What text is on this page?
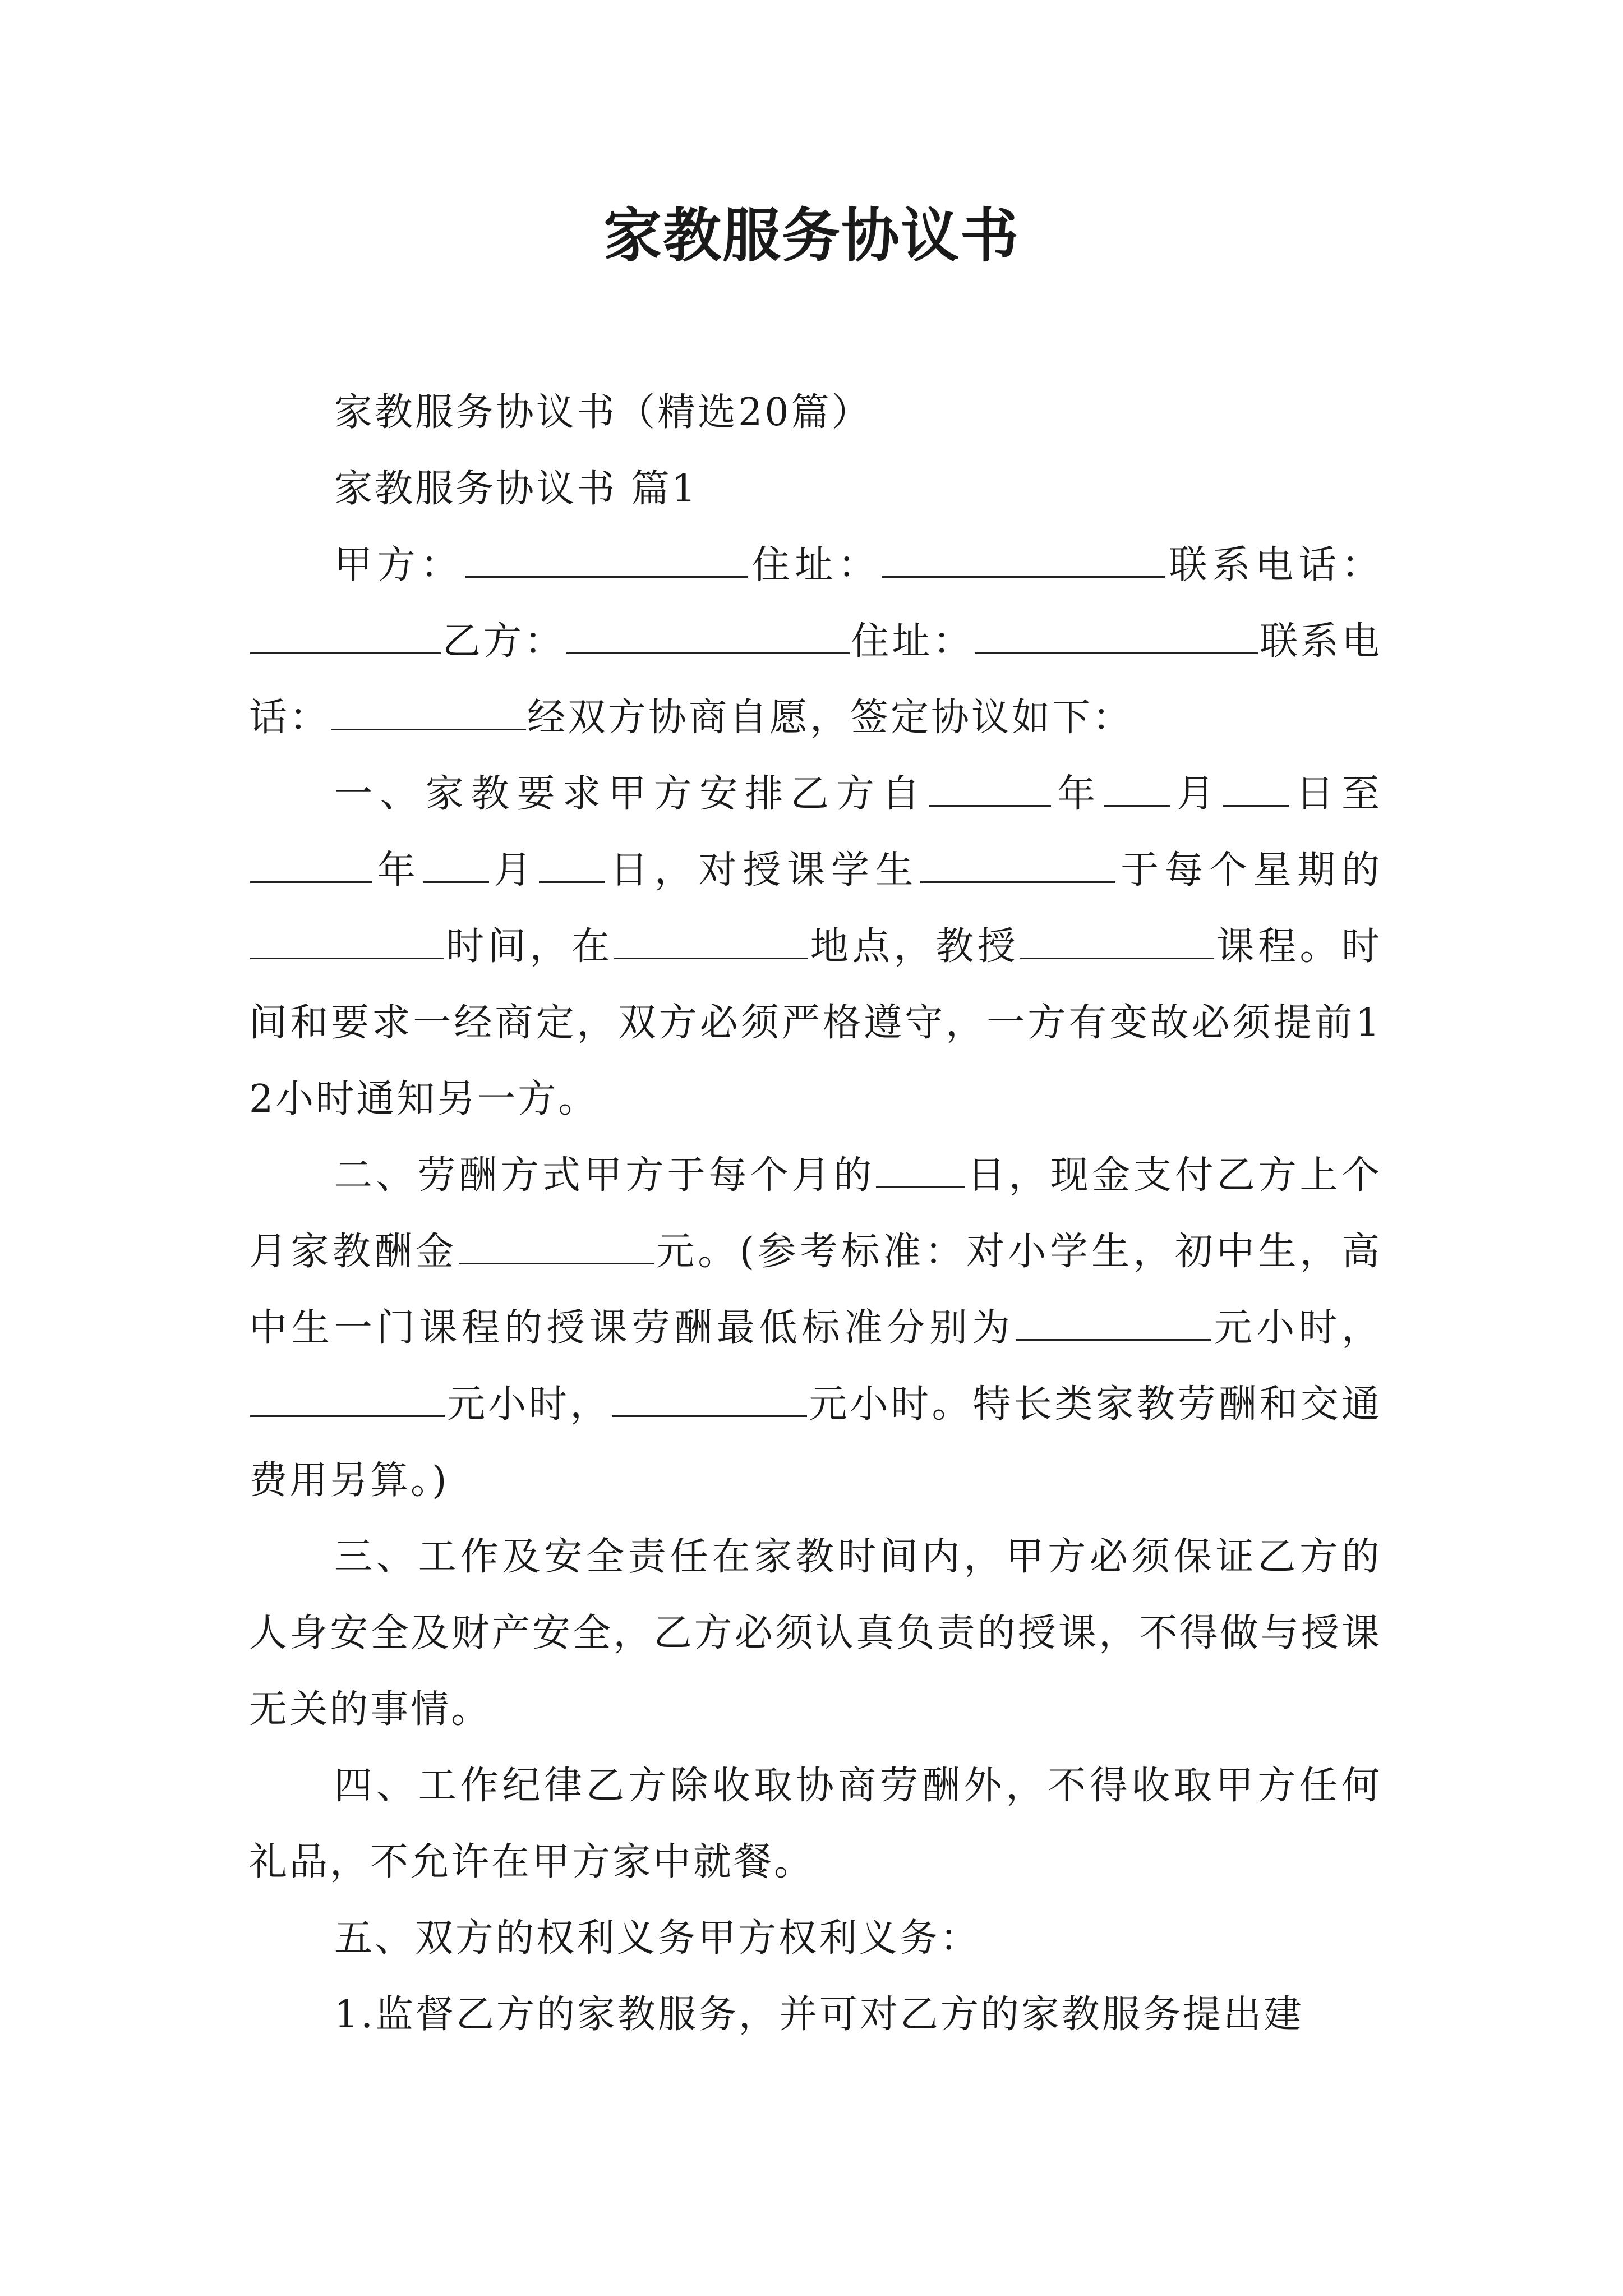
家教服务协议书

家教服务协议书（精选20篇）

家教服务协议书 篇1

甲方：	住址：	联系电话：乙方：	住址：	联系电话：	经双方协商自愿，签定协议如下：

一、家教要求甲方安排乙方自	年 月 日至年 月 日，对授课学生	于每个星期的时间，在	地点，教授	课程。时间和要求一经商定，双方必须严格遵守，一方有变故必须提前12小时通知另一方。

二、劳酬方式甲方于每个月的 日，现金支付乙方上个月家教酬金	元。(参考标准：对小学生，初中生，高中生一门课程的授课劳酬最低标准分别为	元小时，元小时，	元小时。特长类家教劳酬和交通费用另算。)

三、工作及安全责任在家教时间内，甲方必须保证乙方的人身安全及财产安全，乙方必须认真负责的授课，不得做与授课无关的事情。

四、工作纪律乙方除收取协商劳酬外，不得收取甲方任何礼品，不允许在甲方家中就餐。

五、双方的权利义务甲方权利义务：

1.监督乙方的家教服务，并可对乙方的家教服务提出建
